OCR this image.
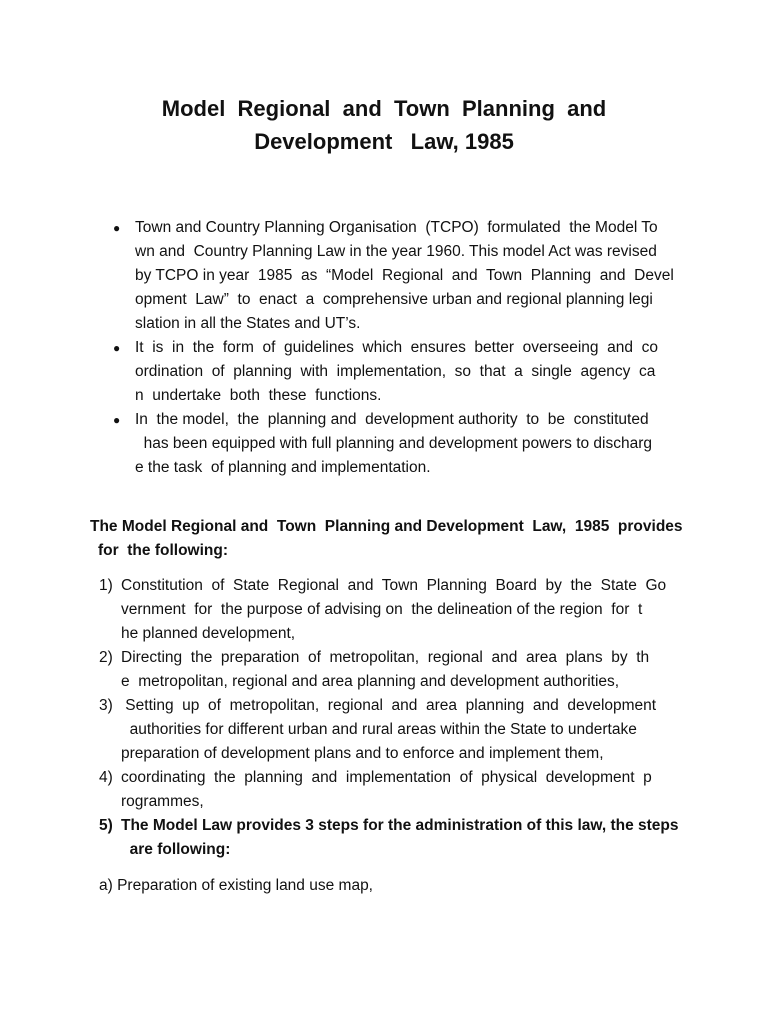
Model  Regional  and  Town  Planning  and
Development   Law, 1985
● Town and Country Planning Organisation  (TCPO)  formulated  the Model To
wn and  Country Planning Law in the year 1960. This model Act was revised
by TCPO in year  1985  as  “Model  Regional  and  Town  Planning  and  Devel
opment  Law”  to  enact  a  comprehensive urban and regional planning legi
slation in all the States and UT’s.
● It  is  in  the  form  of  guidelines  which  ensures  better  overseeing  and  co
ordination  of  planning  with  implementation,  so  that  a  single  agency  ca
n  undertake  both  these  functions.
● In  the model,  the  planning and  development authority  to  be  constituted
has been equipped with full planning and development powers to discharg
e the task  of planning and implementation.
The Model Regional and  Town  Planning and Development  Law,  1985  provides
for  the following:
1) Constitution  of  State  Regional  and  Town  Planning  Board  by  the  State  Go
vernment  for  the purpose of advising on  the delineation of the region  for  t
he planned development,
2) Directing  the  preparation  of  metropolitan,  regional  and  area  plans  by  th
e  metropolitan, regional and area planning and development authorities,
3) Setting  up  of  metropolitan,  regional  and  area  planning  and  development
authorities for different urban and rural areas within the State to undertake
preparation of development plans and to enforce and implement them,
4) coordinating  the  planning  and  implementation  of  physical  development  p
rogrammes,
5) The Model Law provides 3 steps for the administration of this law, the steps
are following:
a) Preparation of existing land use map,
